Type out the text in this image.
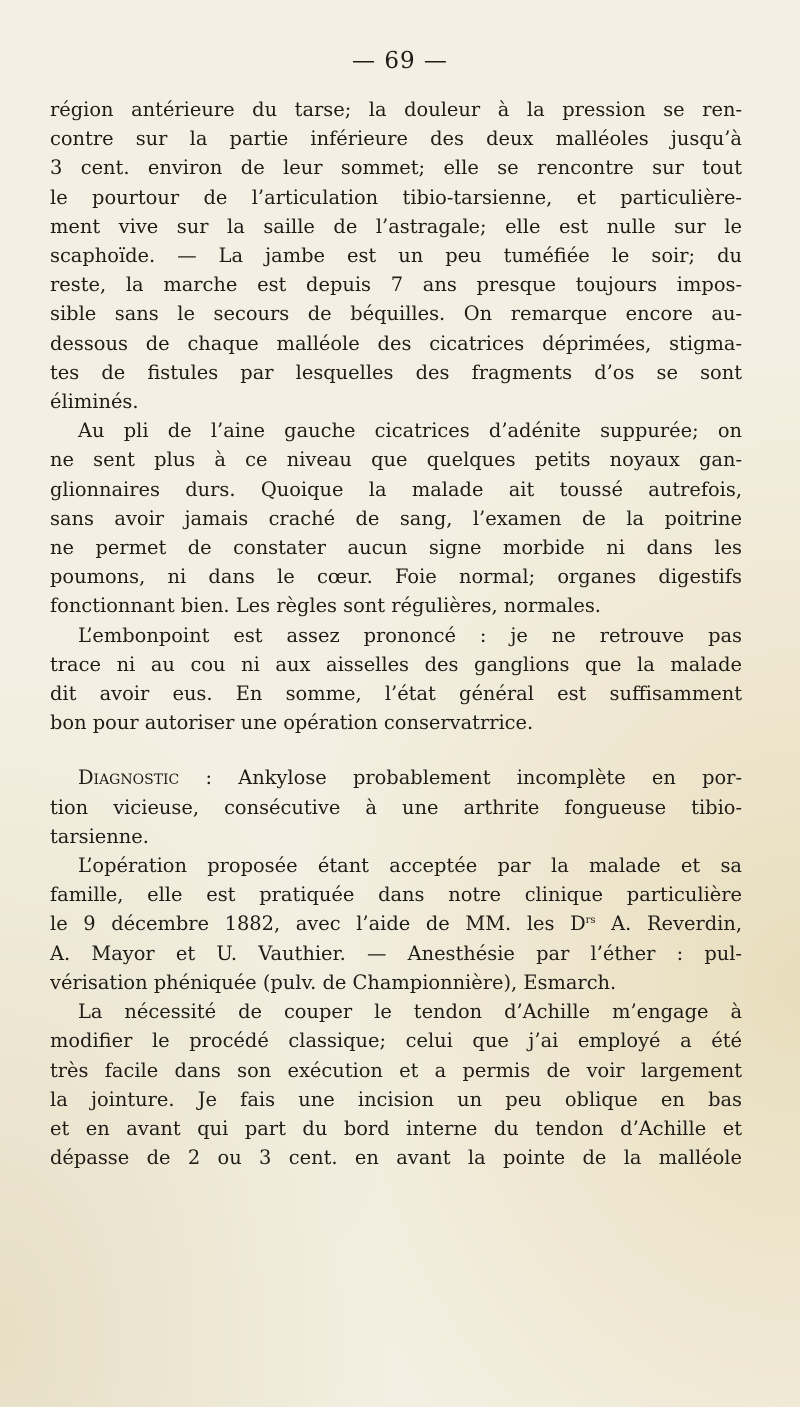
— 69 —
région antérieure du tarse; la douleur à la pression se ren-
contre sur la partie inférieure des deux malléoles jusqu’à
3 cent. environ de leur sommet; elle se rencontre sur tout
le pourtour de l’articulation tibio-tarsienne, et particulière-
ment vive sur la saille de l’astragale; elle est nulle sur le
scaphoïde. — La jambe est un peu tuméfiée le soir; du
reste, la marche est depuis 7 ans presque toujours impos-
sible sans le secours de béquilles. On remarque encore au-
dessous de chaque malléole des cicatrices déprimées, stigma-
tes de fistules par lesquelles des fragments d’os se sont
éliminés.
Au pli de l’aine gauche cicatrices d’adénite suppurée; on
ne sent plus à ce niveau que quelques petits noyaux gan-
glionnaires durs. Quoique la malade ait toussé autrefois,
sans avoir jamais craché de sang, l’examen de la poitrine
ne permet de constater aucun signe morbide ni dans les
poumons, ni dans le cœur. Foie normal; organes digestifs
fonctionnant bien. Les règles sont régulières, normales.
L’embonpoint est assez prononcé : je ne retrouve pas
trace ni au cou ni aux aisselles des ganglions que la malade
dit avoir eus. En somme, l’état général est suffisamment
bon pour autoriser une opération conservatrrice.
Diagnostic : Ankylose probablement incomplète en por-
tion vicieuse, consécutive à une arthrite fongueuse tibio-
tarsienne.
L’opération proposée étant acceptée par la malade et sa
famille, elle est pratiquée dans notre clinique particulière
le 9 décembre 1882, avec l’aide de MM. les $D^{rs}$ A. Reverdin,
A. Mayor et U. Vauthier. — Anesthésie par l’éther : pul-
vérisation phéniquée (pulv. de Championnière), Esmarch.
La nécessité de couper le tendon d’Achille m’engage à
modifier le procédé classique; celui que j’ai employé a été
très facile dans son exécution et a permis de voir largement
la jointure. Je fais une incision un peu oblique en bas
et en avant qui part du bord interne du tendon d’Achille et
dépasse de 2 ou 3 cent. en avant la pointe de la malléole
